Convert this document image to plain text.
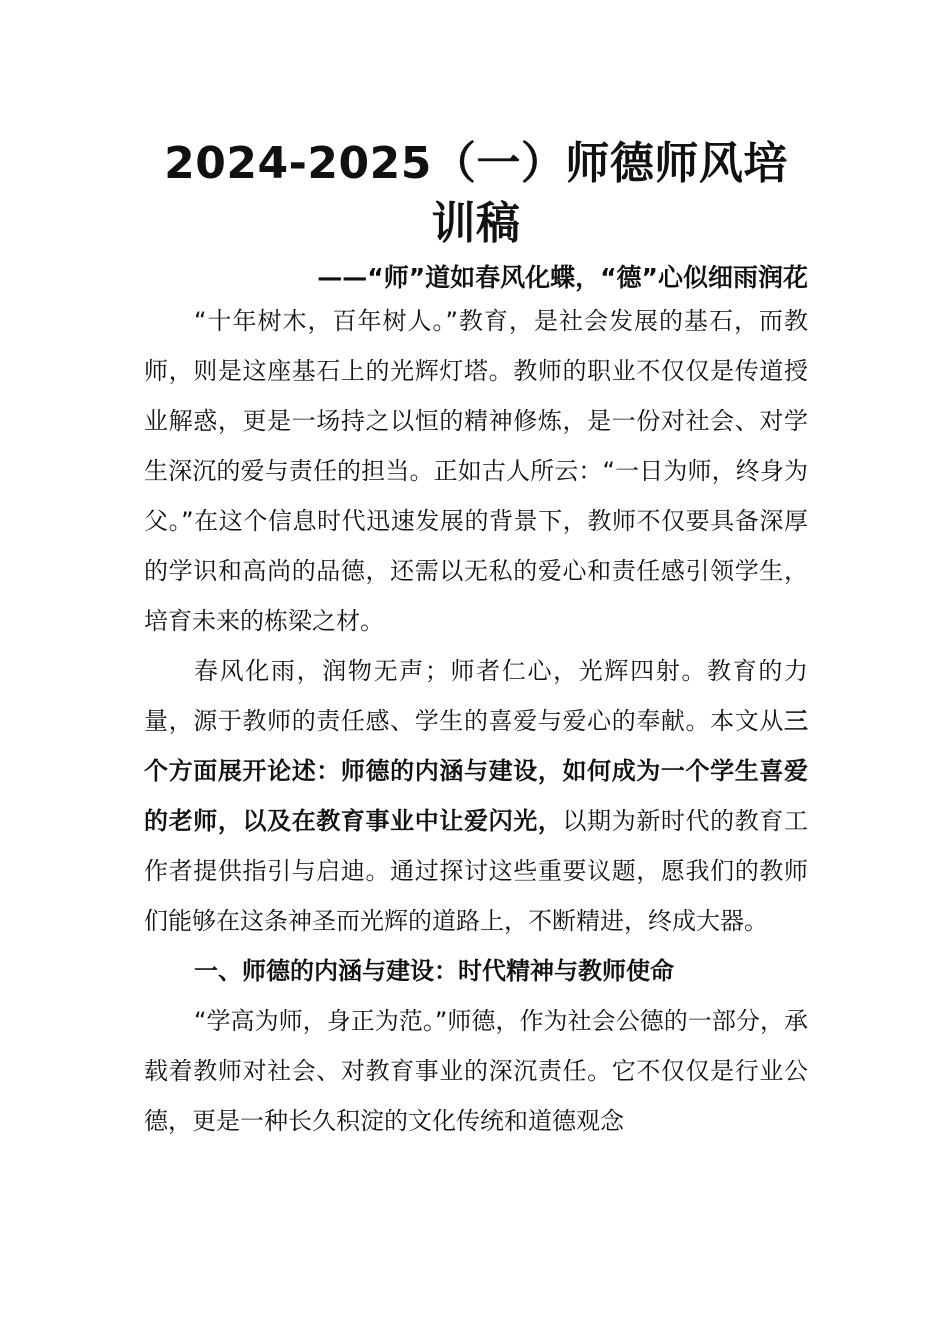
2024-2025（一）师德师风培训稿
——“师”道如春风化蝶，“德”心似细雨润花

“十年树木，百年树人。”教育，是社会发展的基石，而教师，则是这座基石上的光辉灯塔。教师的职业不仅仅是传道授业解惑，更是一场持之以恒的精神修炼，是一份对社会、对学生深沉的爱与责任的担当。正如古人所云：“一日为师，终身为父。”在这个信息时代迅速发展的背景下，教师不仅要具备深厚的学识和高尚的品德，还需以无私的爱心和责任感引领学生，培育未来的栋梁之材。

春风化雨，润物无声；师者仁心，光辉四射。教育的力量，源于教师的责任感、学生的喜爱与爱心的奉献。本文从三个方面展开论述：师德的内涵与建设，如何成为一个学生喜爱的老师，以及在教育事业中让爱闪光，以期为新时代的教育工作者提供指引与启迪。通过探讨这些重要议题，愿我们的教师们能够在这条神圣而光辉的道路上，不断精进，终成大器。

一、师德的内涵与建设：时代精神与教师使命

“学高为师，身正为范。”师德，作为社会公德的一部分，承载着教师对社会、对教育事业的深沉责任。它不仅仅是行业公德，更是一种长久积淀的文化传统和道德观念
